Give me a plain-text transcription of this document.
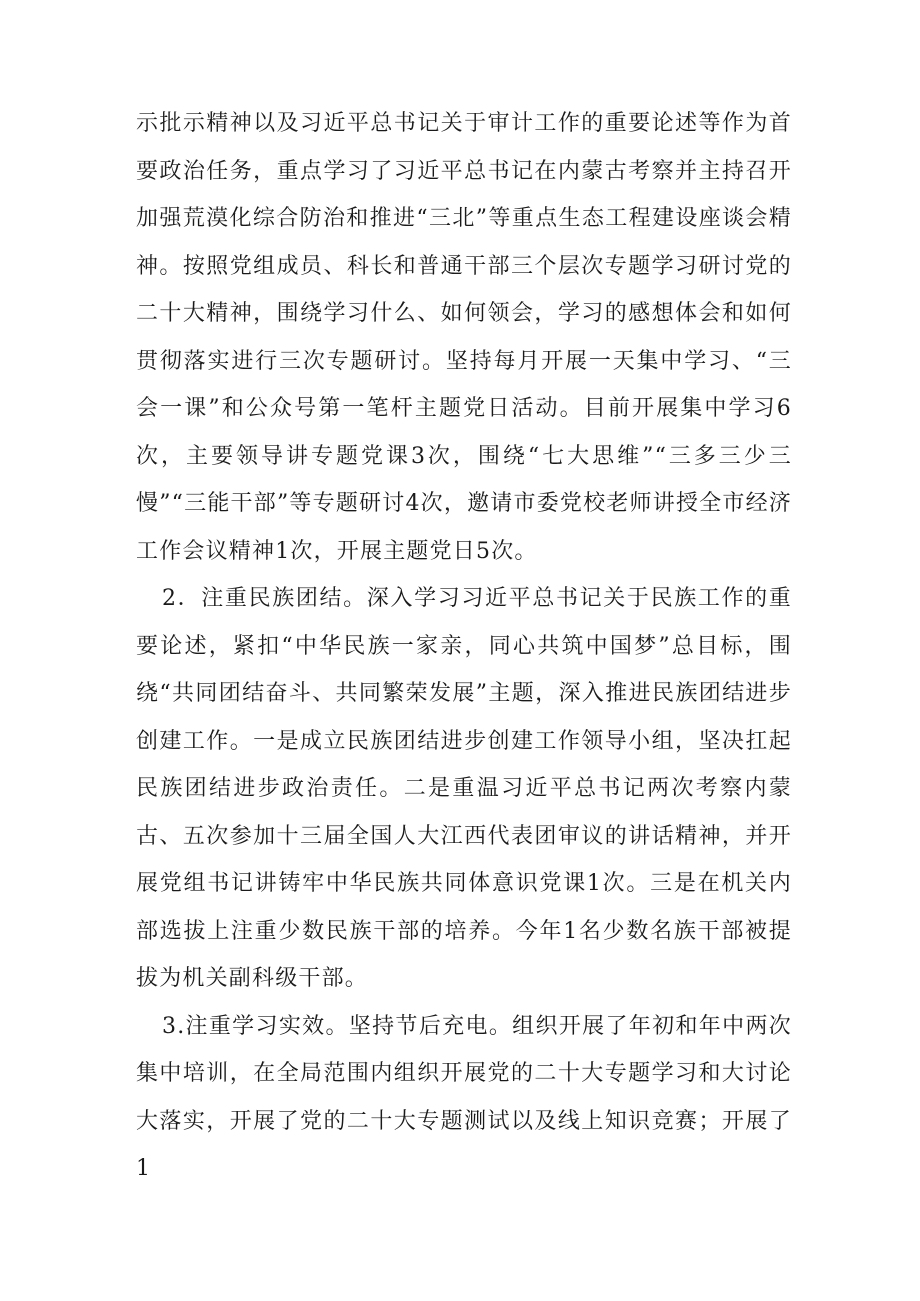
示批示精神以及习近平总书记关于审计工作的重要论述等作为首要政治任务，重点学习了习近平总书记在内蒙古考察并主持召开加强荒漠化综合防治和推进“三北”等重点生态工程建设座谈会精神。按照党组成员、科长和普通干部三个层次专题学习研讨党的二十大精神，围绕学习什么、如何领会，学习的感想体会和如何贯彻落实进行三次专题研讨。坚持每月开展一天集中学习、“三会一课”和公众号第一笔杆主题党日活动。目前开展集中学习6次，主要领导讲专题党课3次，围绕“七大思维”“三多三少三慢”“三能干部”等专题研讨4次，邀请市委党校老师讲授全市经济工作会议精神1次，开展主题党日5次。

2．注重民族团结。深入学习习近平总书记关于民族工作的重要论述，紧扣“中华民族一家亲，同心共筑中国梦”总目标，围绕“共同团结奋斗、共同繁荣发展”主题，深入推进民族团结进步创建工作。一是成立民族团结进步创建工作领导小组，坚决扛起民族团结进步政治责任。二是重温习近平总书记两次考察内蒙古、五次参加十三届全国人大江西代表团审议的讲话精神，并开展党组书记讲铸牢中华民族共同体意识党课1次。三是在机关内部选拔上注重少数民族干部的培养。今年1名少数名族干部被提拔为机关副科级干部。

3.注重学习实效。坚持节后充电。组织开展了年初和年中两次集中培训，在全局范围内组织开展党的二十大专题学习和大讨论大落实，开展了党的二十大专题测试以及线上知识竞赛；开展了1
